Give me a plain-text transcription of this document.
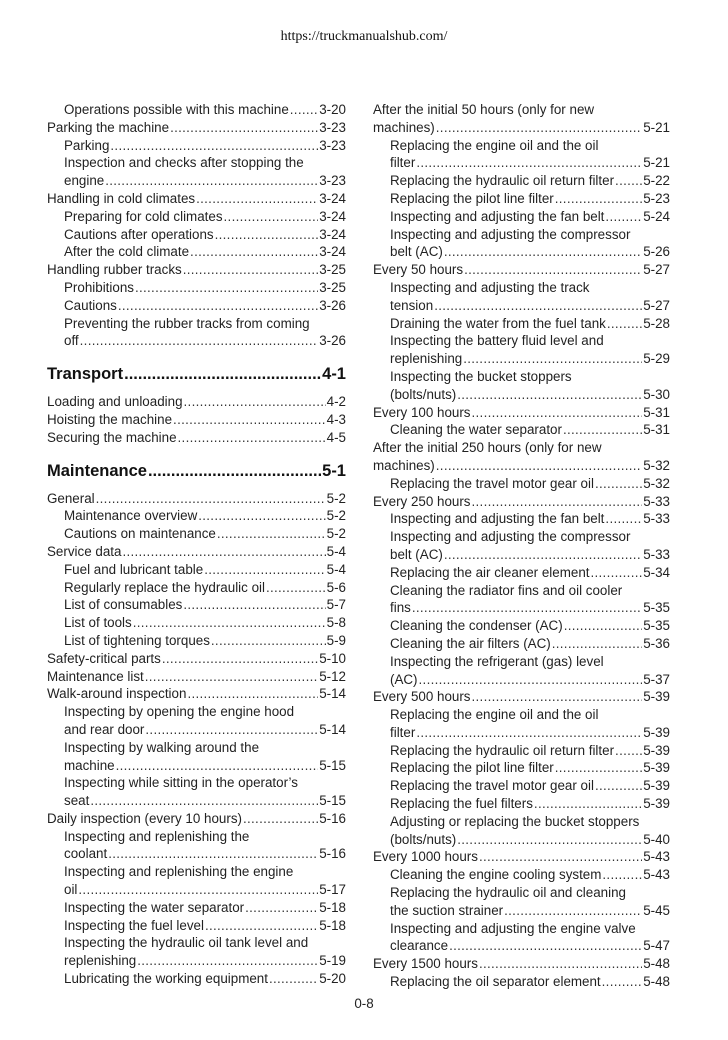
https://truckmanualshub.com/
Operations possible with this machine ..... 3-20
Parking the machine .....	3-23
Parking .....	3-23
Inspection and checks after stopping the
engine .....	3-23
Handling in cold climates .....	3-24
Preparing for cold climates .....	3-24
Cautions after operations .....	3-24
After the cold climate .....	3-24
Handling rubber tracks .....	3-25
Prohibitions .....	3-25
Cautions .....	3-26
Preventing the rubber tracks from coming
off .....	3-26
Transport .....	4-1
Loading and unloading .....	4-2
Hoisting the machine .....	4-3
Securing the machine .....	4-5
Maintenance .....	5-1
General .....	5-2
Maintenance overview .....	5-2
Cautions on maintenance .....	5-2
Service data .....	5-4
Fuel and lubricant table .....	5-4
Regularly replace the hydraulic oil .....	5-6
List of consumables .....	5-7
List of tools .....	5-8
List of tightening torques .....	5-9
Safety-critical parts .....	5-10
Maintenance list .....	5-12
Walk-around inspection .....	5-14
Inspecting by opening the engine hood
and rear door .....	5-14
Inspecting by walking around the
machine .....	5-15
Inspecting while sitting in the operator’s
seat .....	5-15
Daily inspection (every 10 hours) .....	5-16
Inspecting and replenishing the
coolant .....	5-16
Inspecting and replenishing the engine
oil .....	5-17
Inspecting the water separator .....	5-18
Inspecting the fuel level .....	5-18
Inspecting the hydraulic oil tank level and
replenishing .....	5-19
Lubricating the working equipment .....	5-20
After the initial 50 hours (only for new
machines) .....	5-21
Replacing the engine oil and the oil
filter .....	5-21
Replacing the hydraulic oil return filter ..... 5-22
Replacing the pilot line filter .....	5-23
Inspecting and adjusting the fan belt .....	5-24
Inspecting and adjusting the compressor
belt (AC) .....	5-26
Every 50 hours .....	5-27
Inspecting and adjusting the track
tension .....	5-27
Draining the water from the fuel tank .....	5-28
Inspecting the battery fluid level and
replenishing .....	5-29
Inspecting the bucket stoppers
(bolts/nuts) .....	5-30
Every 100 hours .....	5-31
Cleaning the water separator .....	5-31
After the initial 250 hours (only for new
machines) .....	5-32
Replacing the travel motor gear oil .....	5-32
Every 250 hours .....	5-33
Inspecting and adjusting the fan belt .....	5-33
Inspecting and adjusting the compressor
belt (AC) .....	5-33
Replacing the air cleaner element .....	5-34
Cleaning the radiator fins and oil cooler
fins .....	5-35
Cleaning the condenser (AC) .....	5-35
Cleaning the air filters (AC) .....	5-36
Inspecting the refrigerant (gas) level
(AC) .....	5-37
Every 500 hours .....	5-39
Replacing the engine oil and the oil
filter .....	5-39
Replacing the hydraulic oil return filter ..... 5-39
Replacing the pilot line filter .....	5-39
Replacing the travel motor gear oil .....	5-39
Replacing the fuel filters .....	5-39
Adjusting or replacing the bucket stoppers
(bolts/nuts) .....	5-40
Every 1000 hours .....	5-43
Cleaning the engine cooling system .....	5-43
Replacing the hydraulic oil and cleaning
the suction strainer .....	5-45
Inspecting and adjusting the engine valve
clearance .....	5-47
Every 1500 hours .....	5-48
Replacing the oil separator element .....	5-48
0-8
